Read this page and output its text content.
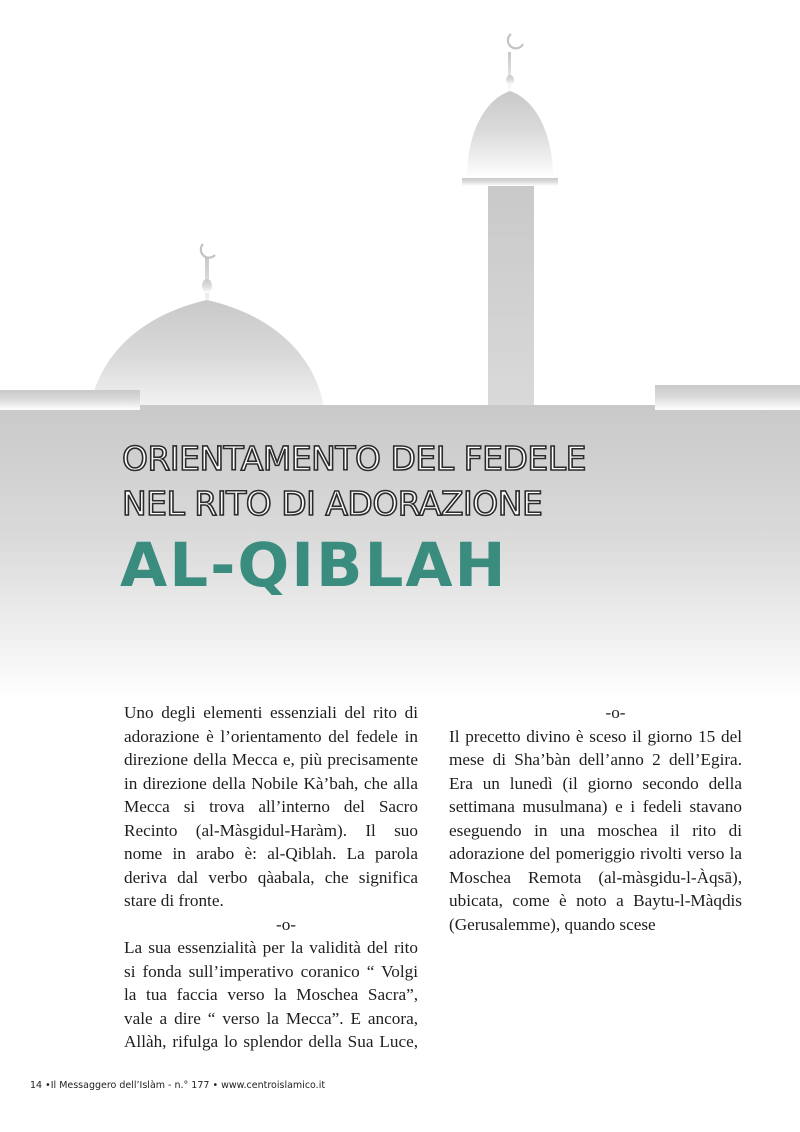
ORIENTAMENTO DEL FEDELE
NEL RITO DI ADORAZIONE
AL-QIBLAH

Uno degli elementi essenziali del rito di adorazione è l’orientamento del fedele in direzione della Mecca e, più precisamente in direzione della Nobile Kà’bah, che alla Mecca si trova all’interno del Sacro Recinto (al-Màsgidul-Haràm). Il suo nome in arabo è: al-Qiblah. La parola deriva dal verbo qàabala, che significa stare di fronte.

-o-

La sua essenzialità per la validità del rito si fonda sull’imperativo coranico “ Volgi la tua faccia verso la Moschea Sacra”, vale a dire “ verso la Mecca”. E ancora, Allàh, rifulga lo splendor della Sua Luce,

-o-

Il precetto divino è sceso il giorno 15 del mese di Sha’bàn dell’anno 2 dell’Egira. Era un lunedì (il giorno secondo della settimana musulmana) e i fedeli stavano eseguendo in una moschea il rito di adorazione del pomeriggio rivolti verso la Moschea Remota (al-màsgidu-l-Àqsā), ubicata, come è noto a Baytu-l-Màqdis (Gerusalemme), quando scese

14 •Il Messaggero dell’Islàm - n.° 177 • www.centroislamico.it
